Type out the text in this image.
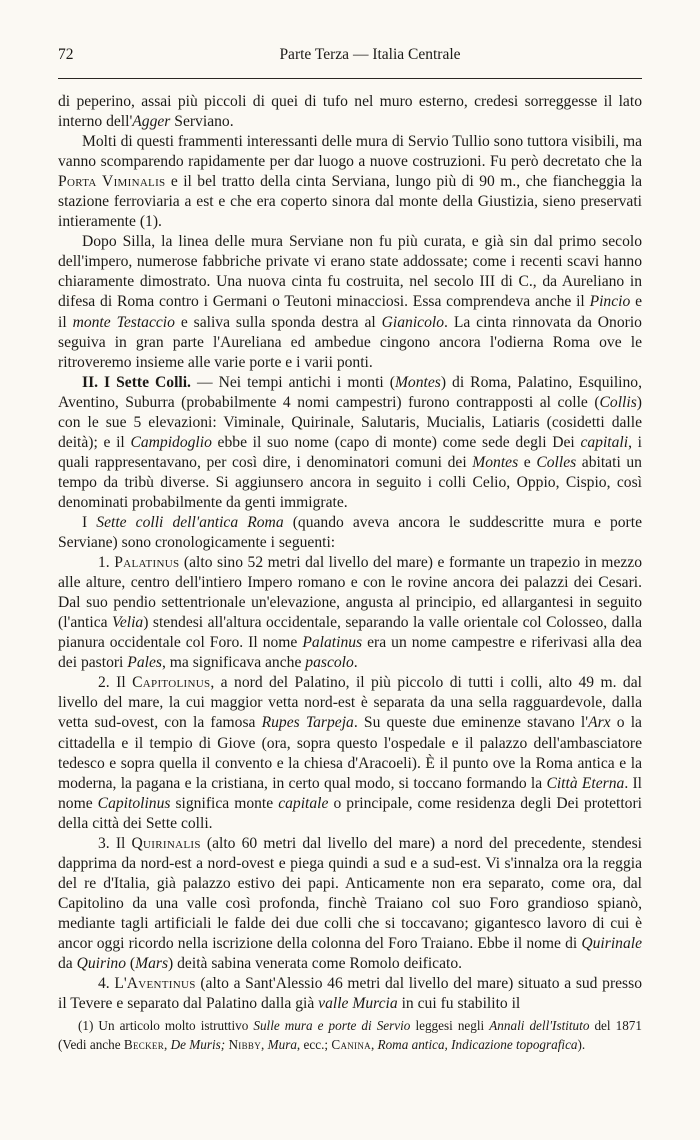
72	Parte Terza — Italia Centrale

di peperino, assai più piccoli di quei di tufo nel muro esterno, credesi sorreggesse il lato interno dell'Agger Serviano.

Molti di questi frammenti interessanti delle mura di Servio Tullio sono tuttora visibili, ma vanno scomparendo rapidamente per dar luogo a nuove costruzioni. Fu però decretato che la Porta Viminalis e il bel tratto della cinta Serviana, lungo più di 90 m., che fiancheggia la stazione ferroviaria a est e che era coperto sinora dal monte della Giustizia, sieno preservati intieramente (1).

Dopo Silla, la linea delle mura Serviane non fu più curata, e già sin dal primo secolo dell'impero, numerose fabbriche private vi erano state addossate; come i recenti scavi hanno chiaramente dimostrato. Una nuova cinta fu costruita, nel secolo III di C., da Aureliano in difesa di Roma contro i Germani o Teutoni minacciosi. Essa comprendeva anche il Pincio e il monte Testaccio e saliva sulla sponda destra al Gianicolo. La cinta rinnovata da Onorio seguiva in gran parte l'Aureliana ed ambedue cingono ancora l'odierna Roma ove le ritroveremo insieme alle varie porte e i varii ponti.

II. I Sette Colli. — Nei tempi antichi i monti (Montes) di Roma, Palatino, Esquilino, Aventino, Suburra (probabilmente 4 nomi campestri) furono contrapposti al colle (Collis) con le sue 5 elevazioni: Viminale, Quirinale, Salutaris, Mucialis, Latiaris (cosidetti dalle deità); e il Campidoglio ebbe il suo nome (capo di monte) come sede degli Dei capitali, i quali rappresentavano, per così dire, i denominatori comuni dei Montes e Colles abitati un tempo da tribù diverse. Si aggiunsero ancora in seguito i colli Celio, Oppio, Cispio, così denominati probabilmente da genti immigrate.

I Sette colli dell'antica Roma (quando aveva ancora le suddescritte mura e porte Serviane) sono cronologicamente i seguenti:

1. Palatinus (alto sino 52 metri dal livello del mare) e formante un trapezio in mezzo alle alture, centro dell'intiero Impero romano e con le rovine ancora dei palazzi dei Cesari. Dal suo pendio settentrionale un'elevazione, angusta al principio, ed allargantesi in seguito (l'antica Velia) stendesi all'altura occidentale, separando la valle orientale col Colosseo, dalla pianura occidentale col Foro. Il nome Palatinus era un nome campestre e riferivasi alla dea dei pastori Pales, ma significava anche pascolo.

2. Il Capitolinus, a nord del Palatino, il più piccolo di tutti i colli, alto 49 m. dal livello del mare, la cui maggior vetta nord-est è separata da una sella ragguardevole, dalla vetta sud-ovest, con la famosa Rupes Tarpeja. Su queste due eminenze stavano l'Arx o la cittadella e il tempio di Giove (ora, sopra questo l'ospedale e il palazzo dell'ambasciatore tedesco e sopra quella il convento e la chiesa d'Aracoeli). È il punto ove la Roma antica e la moderna, la pagana e la cristiana, in certo qual modo, si toccano formando la Città Eterna. Il nome Capitolinus significa monte capitale o principale, come residenza degli Dei protettori della città dei Sette colli.

3. Il Quirinalis (alto 60 metri dal livello del mare) a nord del precedente, stendesi dapprima da nord-est a nord-ovest e piega quindi a sud e a sud-est. Vi s'innalza ora la reggia del re d'Italia, già palazzo estivo dei papi. Anticamente non era separato, come ora, dal Capitolino da una valle così profonda, finchè Traiano col suo Foro grandioso spianò, mediante tagli artificiali le falde dei due colli che si toccavano; gigantesco lavoro di cui è ancor oggi ricordo nella iscrizione della colonna del Foro Traiano. Ebbe il nome di Quirinale da Quirino (Mars) deità sabina venerata come Romolo deificato.

4. L'Aventinus (alto a Sant'Alessio 46 metri dal livello del mare) situato a sud presso il Tevere e separato dal Palatino dalla già valle Murcia in cui fu stabilito il

(1) Un articolo molto istruttivo Sulle mura e porte di Servio leggesi negli Annali dell'Istituto del 1871 (Vedi anche Becker, De Muris; Nibby, Mura, ecc.; Canina, Roma antica, Indicazione topografica).
